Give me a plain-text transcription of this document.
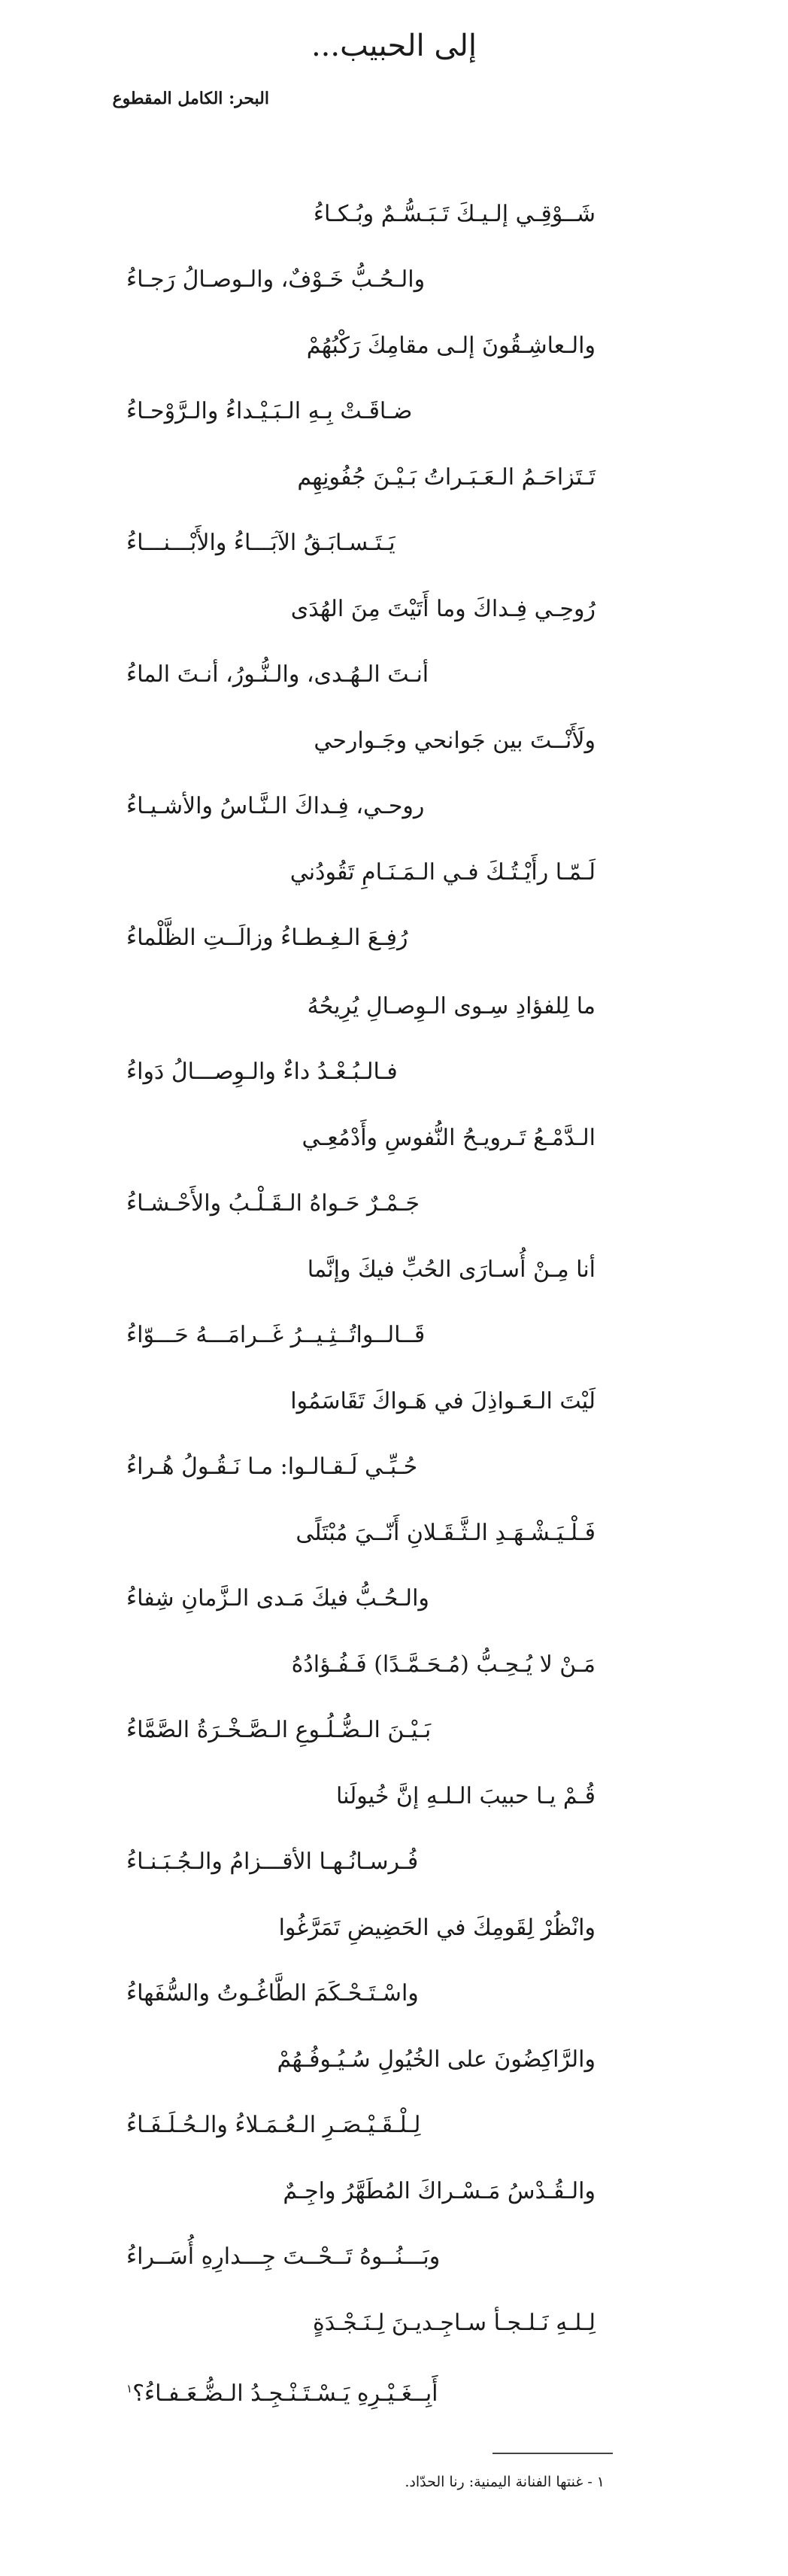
إلى الحبيب...
البحر: الكامل المقطوع
شَــوْقِـي إلـيـكَ تَـبَـسُّـمٌ وبُـكـاءُ
والـحُـبُّ خَـوْفٌ، والـوصـالُ رَجـاءُ
والـعاشِـقُونَ إلـى مقامِكَ رَكْبُهُمْ
ضـاقَـتْ بِـهِ الـبَـيْـداءُ والـرَّوْحـاءُ
تَـتَزاحَـمُ الـعَـبَـراتُ بَـيْـنَ جُفُونِهِم
يَـتَـسـابَـقُ الآبَـــاءُ والأَبْـــنـــاءُ
رُوحِـي فِـداكَ وما أَتَيْتَ مِنَ الهُدَى
أنـتَ الـهُـدى، والـنُّـورُ، أنـتَ الماءُ
ولَأَنْــتَ بين جَوانحي وجَـوارحي
روحـي، فِـداكَ الـنَّـاسُ والأشـيـاءُ
لَـمّـا رأَيْـتُـكَ فـي الـمَـنَـامِ تَقُودُني
رُفِـعَ الـغِـطـاءُ وزالَــتِ الظَّلْماءُ
ما لِلفؤادِ سِـوى الـوِصـالِ يُرِيحُهُ
فـالـبُـعْـدُ داءٌ والـوِصـــالُ دَواءُ
الـدَّمْـعُ تَـرويـحُ النُّفوسِ وأَدْمُعِـي
جَـمْـرٌ حَـواهُ الـقَـلْـبُ والأَحْـشـاءُ
أنا مِـنْ أُسـارَى الحُبِّ فيكَ وإنَّما
قَــالــواتُــثِـيــرُ غَــرامَـــهُ حَـــوّاءُ
لَيْتَ الـعَـواذِلَ في هَـواكَ تَقَاسَمُوا
حُـبِّـي لَـقـالـوا: مـا نَـقُـولُ هُـراءُ
فَـلْـيَـشْـهَـدِ الـثَّـقَـلانِ أَنّــيَ مُبْتَلًى
والـحُـبُّ فيكَ مَـدى الـزَّمانِ شِفاءُ
مَـنْ لا يُـحِـبُّ (مُـحَـمَّـدًا) فَـفُـؤادُهُ
بَـيْـنَ الـضُّـلُـوعِ الـصَّـخْـرَةُ الصَّمَّاءُ
قُـمْ يـا حبيبَ الـلـهِ إنَّ خُيولَنا
فُـرسـانُـهـا الأقـــزامُ والـجُـبَـنـاءُ
وانْظُرْ لِقَومِكَ في الحَضِيضِ تَمَرَّغُوا
واسْـتَـحْـكَمَ الطَّاغُـوتُ والسُّفَهاءُ
والرَّاكِضُونَ على الخُيُولِ سُـيُـوفُـهُمْ
لِـلْـقَـيْـصَـرِ الـعُـمَـلاءُ والـحُـلَـفَـاءُ
والـقُـدْسُ مَـسْـراكَ المُطَهَّرُ واجِـمٌ
وبَـــنُــوهُ تَــحْــتَ جِـــدارِهِ أُسَــراءُ
لِـلـهِ نَـلـجـأ سـاجِـديـنَ لِـنَـجْـدَةٍ
أَبِــغَـيْـرِهِ يَـسْـتَـنْـجِـدُ الـضُّـعَـفـاءُ؟$^١$
١ - غنتها الفنانة اليمنية: رنا الحدّاد.
